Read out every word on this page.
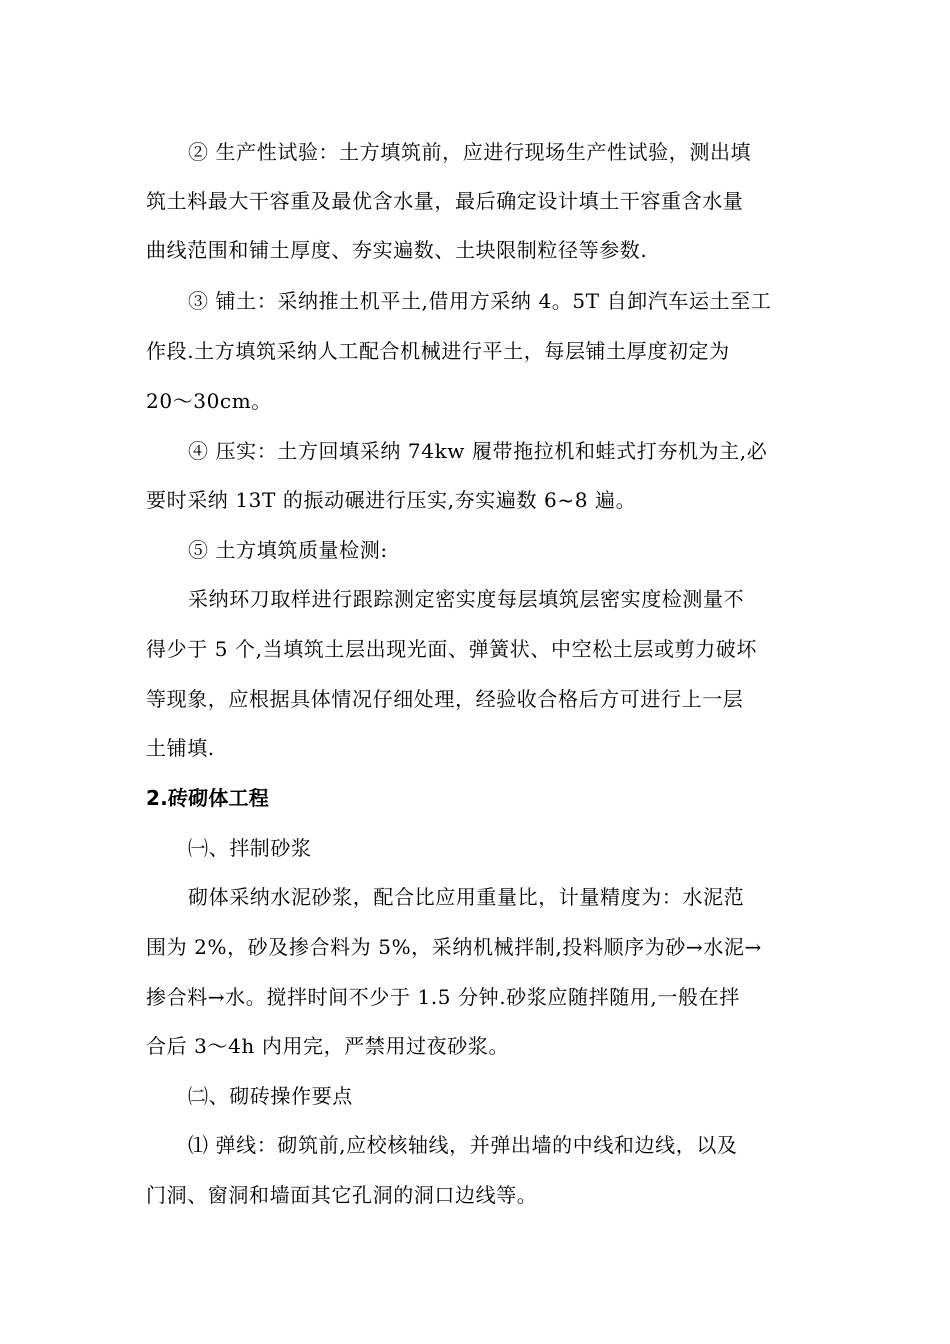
② 生产性试验：土方填筑前，应进行现场生产性试验，测出填
筑土料最大干容重及最优含水量，最后确定设计填土干容重含水量
曲线范围和铺土厚度、夯实遍数、土块限制粒径等参数.
③ 铺土：采纳推土机平土,借用方采纳 4。5T 自卸汽车运土至工
作段.土方填筑采纳人工配合机械进行平土，每层铺土厚度初定为
20～30cm。
④ 压实：土方回填采纳 74kw 履带拖拉机和蛙式打夯机为主,必
要时采纳 13T 的振动碾进行压实,夯实遍数 6~8 遍。
⑤ 土方填筑质量检测:
采纳环刀取样进行跟踪测定密实度每层填筑层密实度检测量不
得少于 5 个,当填筑土层出现光面、弹簧状、中空松土层或剪力破坏
等现象，应根据具体情况仔细处理，经验收合格后方可进行上一层
土铺填.
2.砖砌体工程
㈠、拌制砂浆
砌体采纳水泥砂浆，配合比应用重量比，计量精度为：水泥范
围为 2%，砂及掺合料为 5%，采纳机械拌制,投料顺序为砂→水泥→
掺合料→水。搅拌时间不少于 1.5 分钟.砂浆应随拌随用,一般在拌
合后 3～4h 内用完，严禁用过夜砂浆。
㈡、砌砖操作要点
⑴ 弹线：砌筑前,应校核轴线，并弹出墙的中线和边线，以及
门洞、窗洞和墙面其它孔洞的洞口边线等。
